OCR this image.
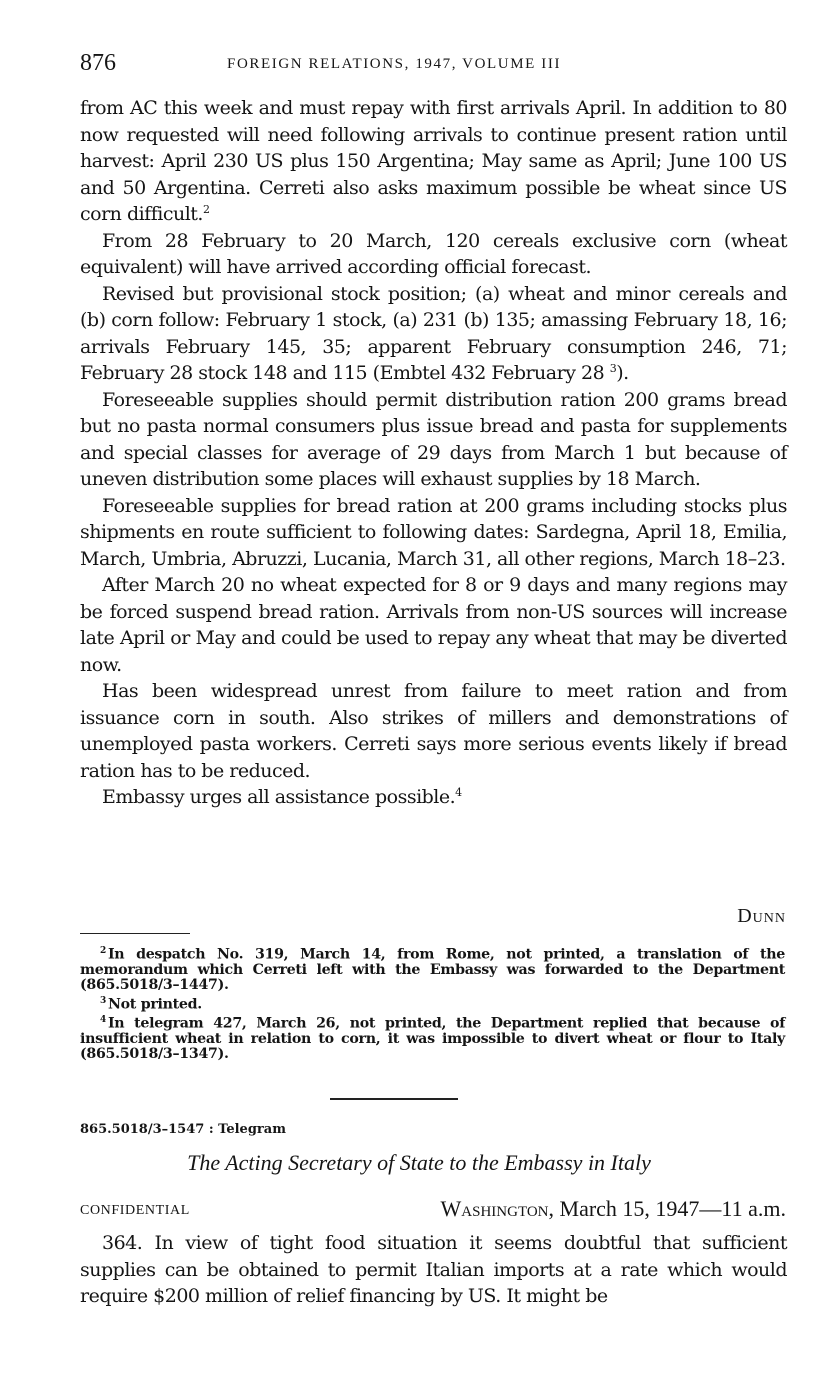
876	FOREIGN RELATIONS, 1947, VOLUME III

from AC this week and must repay with first arrivals April. In addition to 80 now requested will need following arrivals to continue present ration until harvest: April 230 US plus 150 Argentina; May same as April; June 100 US and 50 Argentina. Cerreti also asks maximum possible be wheat since US corn difficult.$^2$

From 28 February to 20 March, 120 cereals exclusive corn (wheat equivalent) will have arrived according official forecast.

Revised but provisional stock position; (a) wheat and minor cereals and (b) corn follow: February 1 stock, (a) 231 (b) 135; amassing February 18, 16; arrivals February 145, 35; apparent February consumption 246, 71; February 28 stock 148 and 115 (Embtel 432 February 28 $^3$).

Foreseeable supplies should permit distribution ration 200 grams bread but no pasta normal consumers plus issue bread and pasta for supplements and special classes for average of 29 days from March 1 but because of uneven distribution some places will exhaust supplies by 18 March.

Foreseeable supplies for bread ration at 200 grams including stocks plus shipments en route sufficient to following dates: Sardegna, April 18, Emilia, March, Umbria, Abruzzi, Lucania, March 31, all other regions, March 18–23.

After March 20 no wheat expected for 8 or 9 days and many regions may be forced suspend bread ration. Arrivals from non-US sources will increase late April or May and could be used to repay any wheat that may be diverted now.

Has been widespread unrest from failure to meet ration and from issuance corn in south. Also strikes of millers and demonstrations of unemployed pasta workers. Cerreti says more serious events likely if bread ration has to be reduced.

Embassy urges all assistance possible.$^4$

Dunn

$^2$ In despatch No. 319, March 14, from Rome, not printed, a translation of the memorandum which Cerreti left with the Embassy was forwarded to the Department (865.5018/3–1447).

$^3$ Not printed.

$^4$ In telegram 427, March 26, not printed, the Department replied that because of insufficient wheat in relation to corn, it was impossible to divert wheat or flour to Italy (865.5018/3–1347).

865.5018/3–1547 : Telegram
The Acting Secretary of State to the Embassy in Italy
CONFIDENTIAL	Washington, March 15, 1947—11 a.m.

364. In view of tight food situation it seems doubtful that sufficient supplies can be obtained to permit Italian imports at a rate which would require $200 million of relief financing by US. It might be
